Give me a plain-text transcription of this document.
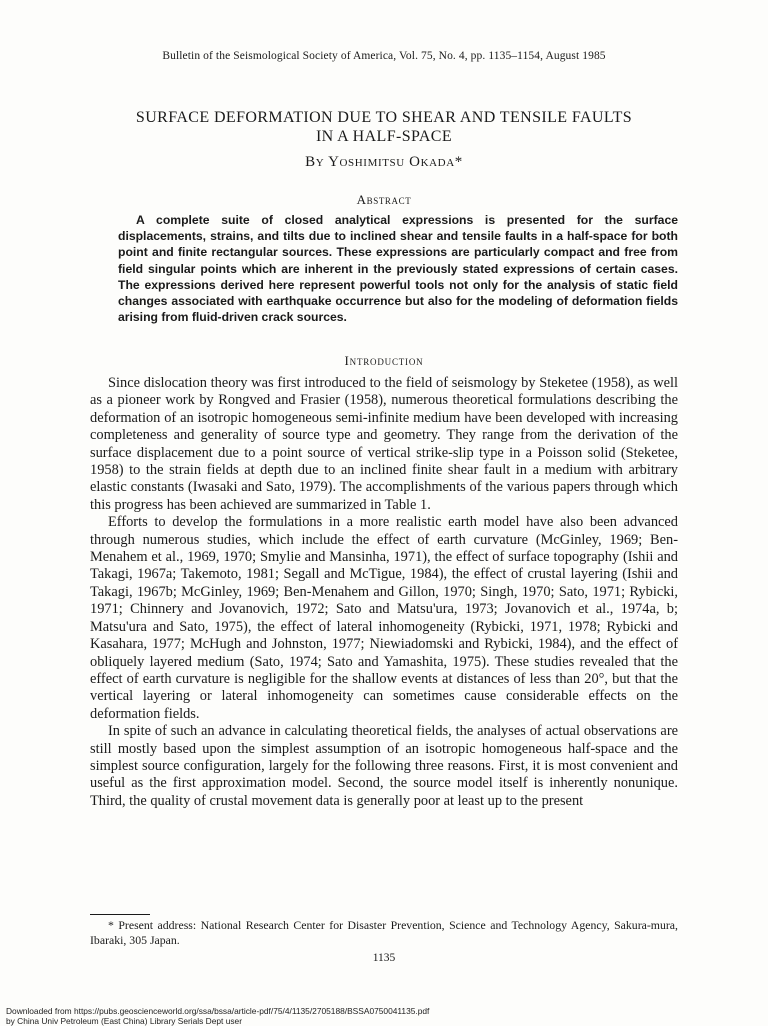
Bulletin of the Seismological Society of America, Vol. 75, No. 4, pp. 1135–1154, August 1985
SURFACE DEFORMATION DUE TO SHEAR AND TENSILE FAULTS
IN A HALF-SPACE
By Yoshimitsu Okada*
Abstract
A complete suite of closed analytical expressions is presented for the surface displacements, strains, and tilts due to inclined shear and tensile faults in a half-space for both point and finite rectangular sources. These expressions are particularly compact and free from field singular points which are inherent in the previously stated expressions of certain cases. The expressions derived here represent powerful tools not only for the analysis of static field changes associated with earthquake occurrence but also for the modeling of deformation fields arising from fluid-driven crack sources.
Introduction

Since dislocation theory was first introduced to the field of seismology by Steketee (1958), as well as a pioneer work by Rongved and Frasier (1958), numerous theoretical formulations describing the deformation of an isotropic homogeneous semi-infinite medium have been developed with increasing completeness and generality of source type and geometry. They range from the derivation of the surface displacement due to a point source of vertical strike-slip type in a Poisson solid (Steketee, 1958) to the strain fields at depth due to an inclined finite shear fault in a medium with arbitrary elastic constants (Iwasaki and Sato, 1979). The accomplishments of the various papers through which this progress has been achieved are summarized in Table 1.

Efforts to develop the formulations in a more realistic earth model have also been advanced through numerous studies, which include the effect of earth curvature (McGinley, 1969; Ben-Menahem et al., 1969, 1970; Smylie and Mansinha, 1971), the effect of surface topography (Ishii and Takagi, 1967a; Takemoto, 1981; Segall and McTigue, 1984), the effect of crustal layering (Ishii and Takagi, 1967b; McGinley, 1969; Ben-Menahem and Gillon, 1970; Singh, 1970; Sato, 1971; Rybicki, 1971; Chinnery and Jovanovich, 1972; Sato and Matsu'ura, 1973; Jovanovich et al., 1974a, b; Matsu'ura and Sato, 1975), the effect of lateral inhomogeneity (Rybicki, 1971, 1978; Rybicki and Kasahara, 1977; McHugh and Johnston, 1977; Niewiadomski and Rybicki, 1984), and the effect of obliquely layered medium (Sato, 1974; Sato and Yamashita, 1975). These studies revealed that the effect of earth curvature is negligible for the shallow events at distances of less than 20°, but that the vertical layering or lateral inhomogeneity can sometimes cause considerable effects on the deformation fields.

In spite of such an advance in calculating theoretical fields, the analyses of actual observations are still mostly based upon the simplest assumption of an isotropic homogeneous half-space and the simplest source configuration, largely for the following three reasons. First, it is most convenient and useful as the first approximation model. Second, the source model itself is inherently nonunique. Third, the quality of crustal movement data is generally poor at least up to the present

* Present address: National Research Center for Disaster Prevention, Science and Technology Agency, Sakura-mura, Ibaraki, 305 Japan.
1135
Downloaded from https://pubs.geoscienceworld.org/ssa/bssa/article-pdf/75/4/1135/2705188/BSSA0750041135.pdf
by China Univ Petroleum (East China) Library Serials Dept user
